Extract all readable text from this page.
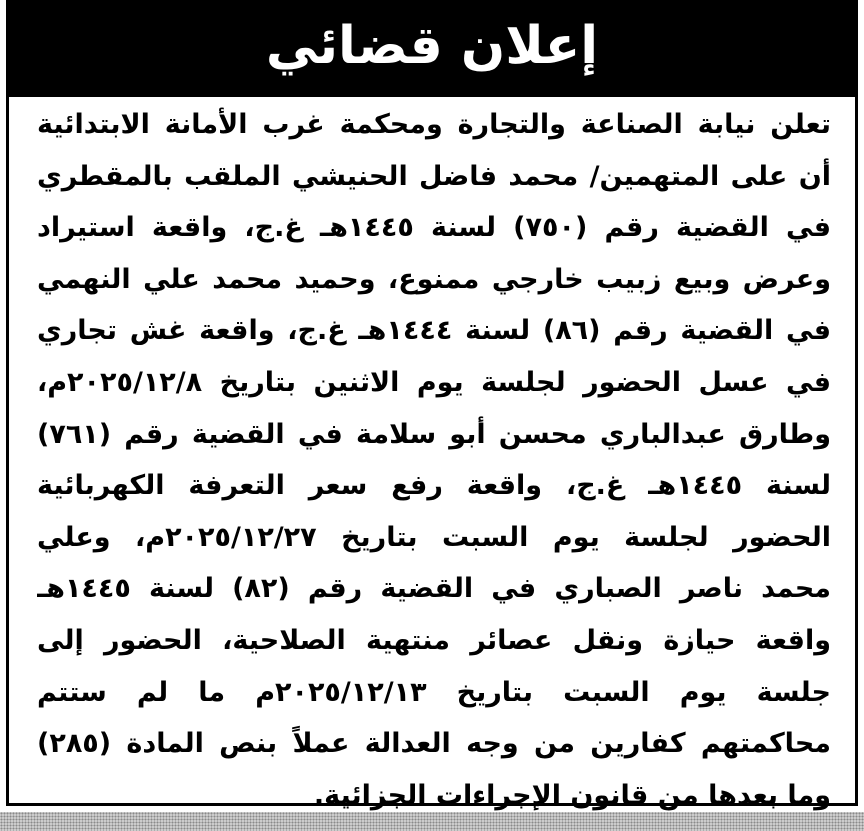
إعلان قضائي
تعلن نيابة الصناعة والتجارة ومحكمة غرب الأمانة الابتدائية
أن على المتهمين/ محمد فاضل الحنيشي الملقب بالمقطري
في القضية رقم (٧٥٠) لسنة ١٤٤٥هـ غ.ج، واقعة استيراد
وعرض وبيع زبيب خارجي ممنوع، وحميد محمد علي النهمي
في القضية رقم (٨٦) لسنة ١٤٤٤هـ غ.ج، واقعة غش تجاري
في عسل الحضور لجلسة يوم الاثنين بتاريخ ٢٠٢٥/١٢/٨م،
وطارق عبدالباري محسن أبو سلامة في القضية رقم (٧٦١)
لسنة ١٤٤٥هـ غ.ج، واقعة رفع سعر التعرفة الكهربائية
الحضور لجلسة يوم السبت بتاريخ ٢٠٢٥/١٢/٢٧م، وعلي
محمد ناصر الصباري في القضية رقم (٨٢) لسنة ١٤٤٥هـ
واقعة حيازة ونقل عصائر منتهية الصلاحية، الحضور إلى
جلسة يوم السبت بتاريخ ٢٠٢٥/١٢/١٣م ما لم ستتم
محاكمتهم كفارين من وجه العدالة عملاً بنص المادة (٢٨٥)
وما بعدها من قانون الإجراءات الجزائية.
